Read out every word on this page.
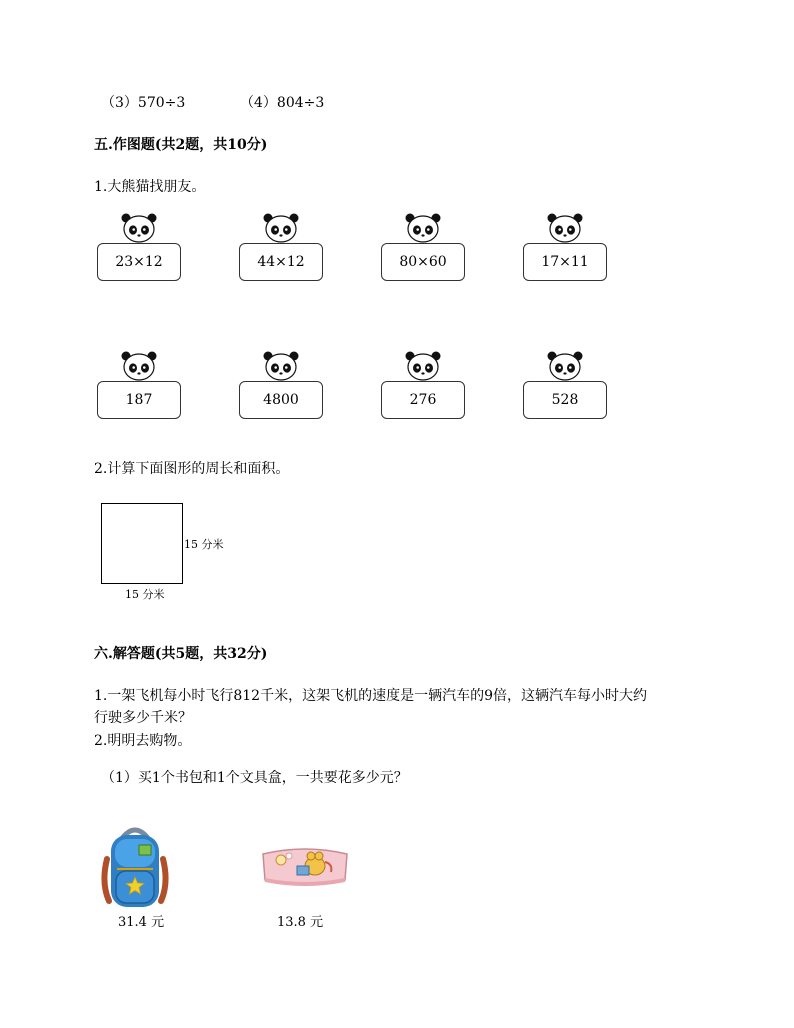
（3）570÷3	（4）804÷3
五.作图题(共2题，共10分)
1.大熊猫找朋友。
23×12	44×12	80×60	17×11
187	4800	276	528
2.计算下面图形的周长和面积。
15 分米
15 分米
六.解答题(共5题，共32分)
1.一架飞机每小时飞行812千米，这架飞机的速度是一辆汽车的9倍，这辆汽车每小时大约
行驶多少千米？
2.明明去购物。
（1）买1个书包和1个文具盒，一共要花多少元？
31.4 元	13.8 元
